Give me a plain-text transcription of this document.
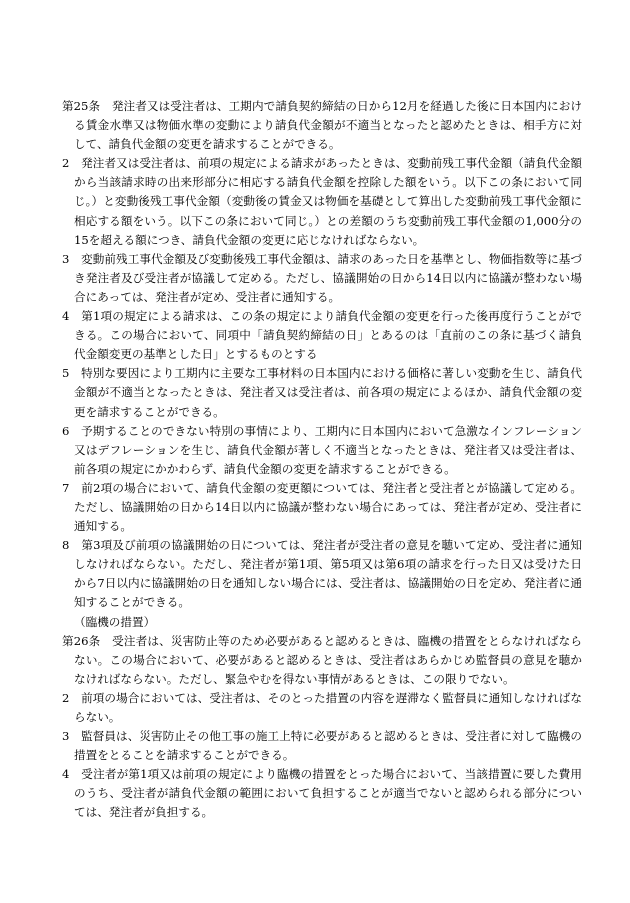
第25条　発注者又は受注者は、工期内で請負契約締結の日から12月を経過した後に日本国内における賃金水準又は物価水準の変動により請負代金額が不適当となったと認めたときは、相手方に対して、請負代金額の変更を請求することができる。

2　発注者又は受注者は、前項の規定による請求があったときは、変動前残工事代金額（請負代金額から当該請求時の出来形部分に相応する請負代金額を控除した額をいう。以下この条において同じ。）と変動後残工事代金額（変動後の賃金又は物価を基礎として算出した変動前残工事代金額に相応する額をいう。以下この条において同じ。）との差額のうち変動前残工事代金額の1,000分の15を超える額につき、請負代金額の変更に応じなければならない。

3　変動前残工事代金額及び変動後残工事代金額は、請求のあった日を基準とし、物価指数等に基づき発注者及び受注者が協議して定める。ただし、協議開始の日から14日以内に協議が整わない場合にあっては、発注者が定め、受注者に通知する。

4　第1項の規定による請求は、この条の規定により請負代金額の変更を行った後再度行うことができる。この場合において、同項中「請負契約締結の日」とあるのは「直前のこの条に基づく請負代金額変更の基準とした日」とするものとする

5　特別な要因により工期内に主要な工事材料の日本国内における価格に著しい変動を生じ、請負代金額が不適当となったときは、発注者又は受注者は、前各項の規定によるほか、請負代金額の変更を請求することができる。

6　予期することのできない特別の事情により、工期内に日本国内において急激なインフレーション又はデフレーションを生じ、請負代金額が著しく不適当となったときは、発注者又は受注者は、前各項の規定にかかわらず、請負代金額の変更を請求することができる。

7　前2項の場合において、請負代金額の変更額については、発注者と受注者とが協議して定める。ただし、協議開始の日から14日以内に協議が整わない場合にあっては、発注者が定め、受注者に通知する。

8　第3項及び前項の協議開始の日については、発注者が受注者の意見を聴いて定め、受注者に通知しなければならない。ただし、発注者が第1項、第5項又は第6項の請求を行った日又は受けた日から7日以内に協議開始の日を通知しない場合には、受注者は、協議開始の日を定め、発注者に通知することができる。

（臨機の措置）

第26条　受注者は、災害防止等のため必要があると認めるときは、臨機の措置をとらなければならない。この場合において、必要があると認めるときは、受注者はあらかじめ監督員の意見を聴かなければならない。ただし、緊急やむを得ない事情があるときは、この限りでない。

2　前項の場合においては、受注者は、そのとった措置の内容を遅滞なく監督員に通知しなければならない。

3　監督員は、災害防止その他工事の施工上特に必要があると認めるときは、受注者に対して臨機の措置をとることを請求することができる。

4　受注者が第1項又は前項の規定により臨機の措置をとった場合において、当該措置に要した費用のうち、受注者が請負代金額の範囲において負担することが適当でないと認められる部分については、発注者が負担する。
